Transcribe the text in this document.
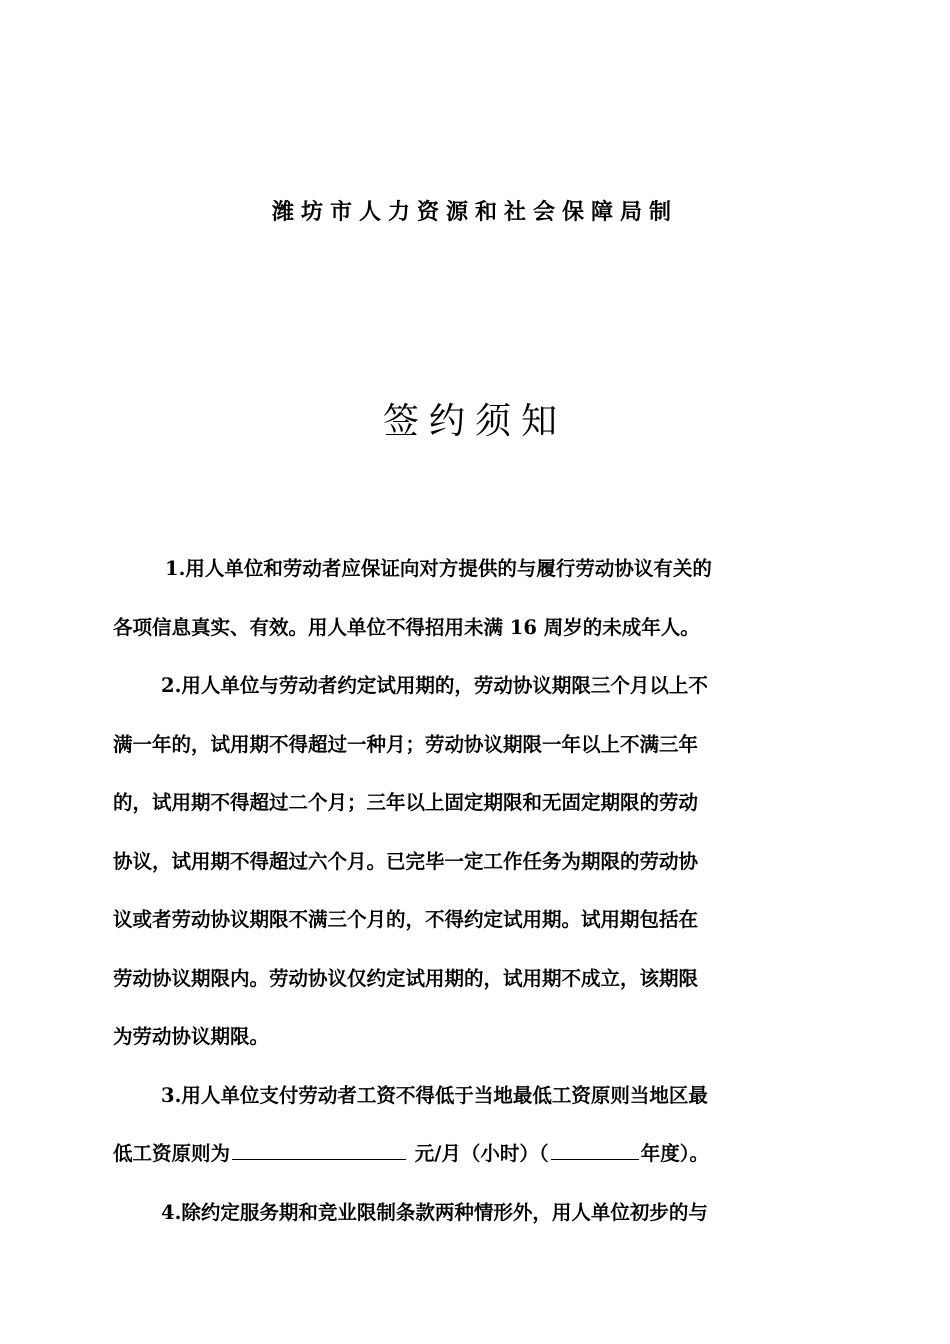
潍坊市人力资源和社会保障局制
签约须知
1.用人单位和劳动者应保证向对方提供的与履行劳动协议有关的
各项信息真实、有效。用人单位不得招用未满 16 周岁的未成年人。
2.用人单位与劳动者约定试用期的，劳动协议期限三个月以上不
满一年的，试用期不得超过一种月；劳动协议期限一年以上不满三年
的，试用期不得超过二个月；三年以上固定期限和无固定期限的劳动
协议，试用期不得超过六个月。已完毕一定工作任务为期限的劳动协
议或者劳动协议期限不满三个月的，不得约定试用期。试用期包括在
劳动协议期限内。劳动协议仅约定试用期的，试用期不成立，该期限
为劳动协议期限。
3.用人单位支付劳动者工资不得低于当地最低工资原则当地区最
低工资原则为	元/月（小时）（	年度）。
4.除约定服务期和竞业限制条款两种情形外，用人单位初步的与
